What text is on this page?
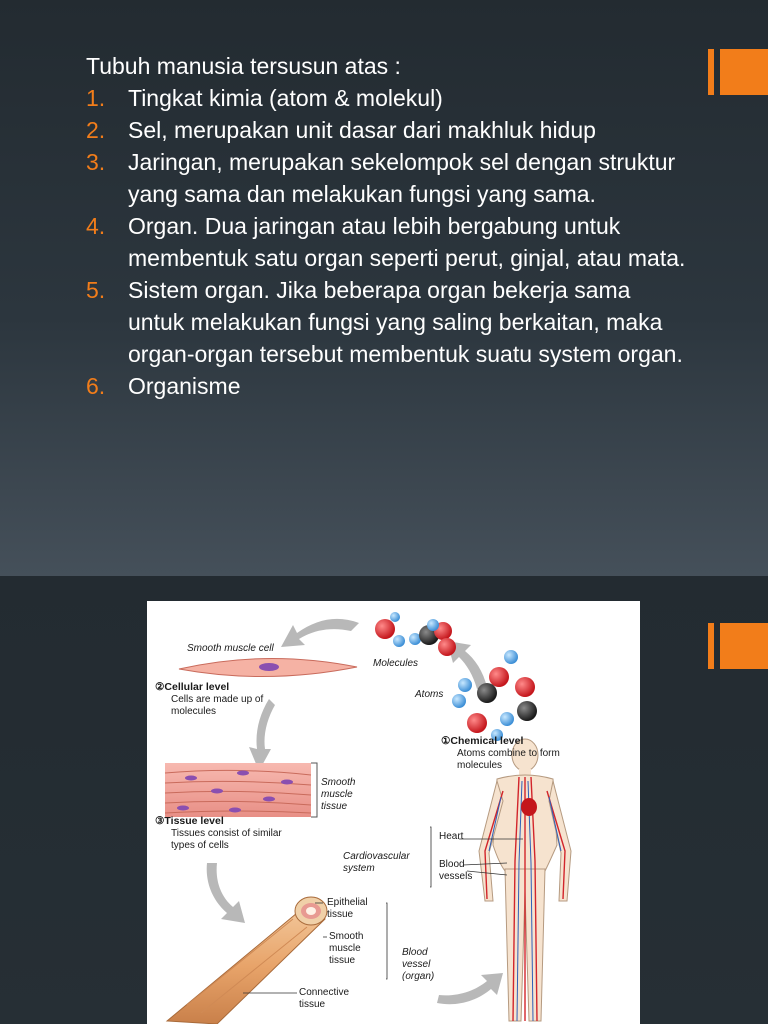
Tubuh manusia tersusun atas :

1. Tingkat kimia (atom & molekul)
2. Sel, merupakan unit dasar dari makhluk hidup
3. Jaringan, merupakan sekelompok sel dengan struktur yang sama dan melakukan fungsi yang sama.
4. Organ. Dua jaringan atau lebih bergabung untuk membentuk satu organ seperti perut, ginjal, atau mata.
5. Sistem organ. Jika beberapa organ bekerja sama untuk melakukan fungsi yang saling berkaitan, maka organ-organ tersebut membentuk suatu system organ.
6. Organisme
Smooth muscle cell
Molecules
Atoms
②Cellular level
Cells are made up of molecules
①Chemical level
Atoms combine to form molecules
Smooth muscle tissue
③Tissue level
Tissues consist of similar types of cells
Heart
Cardiovascular system	Blood vessels
Epithelial tissue
Smooth muscle tissue
Blood vessel (organ)
Connective tissue
